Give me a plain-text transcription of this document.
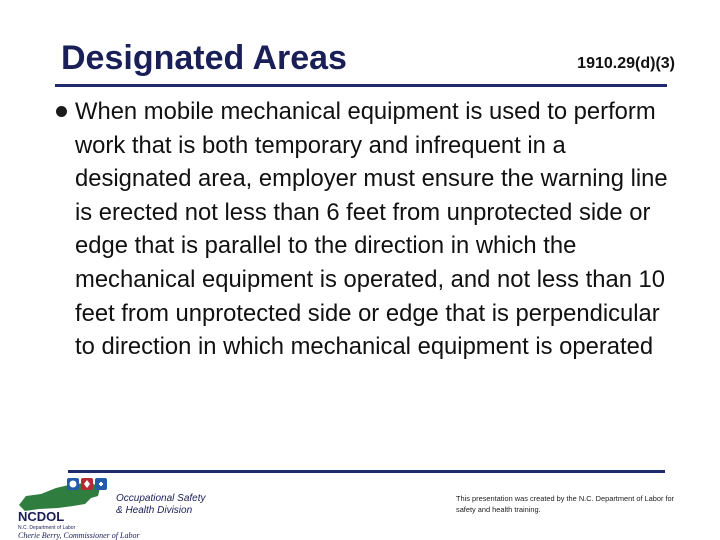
Designated Areas	1910.29(d)(3)
When mobile mechanical equipment is used to perform work that is both temporary and infrequent in a designated area, employer must ensure the warning line is erected not less than 6 feet from unprotected side or edge that is parallel to the direction in which the mechanical equipment is operated, and not less than 10 feet from unprotected side or edge that is perpendicular to direction in which mechanical equipment is operated
NCDOL
N.C. Department of Labor
Cherie Berry, Commissioner of Labor
Occupational Safety
& Health Division
This presentation was created by the N.C. Department of Labor for safety and health training.
